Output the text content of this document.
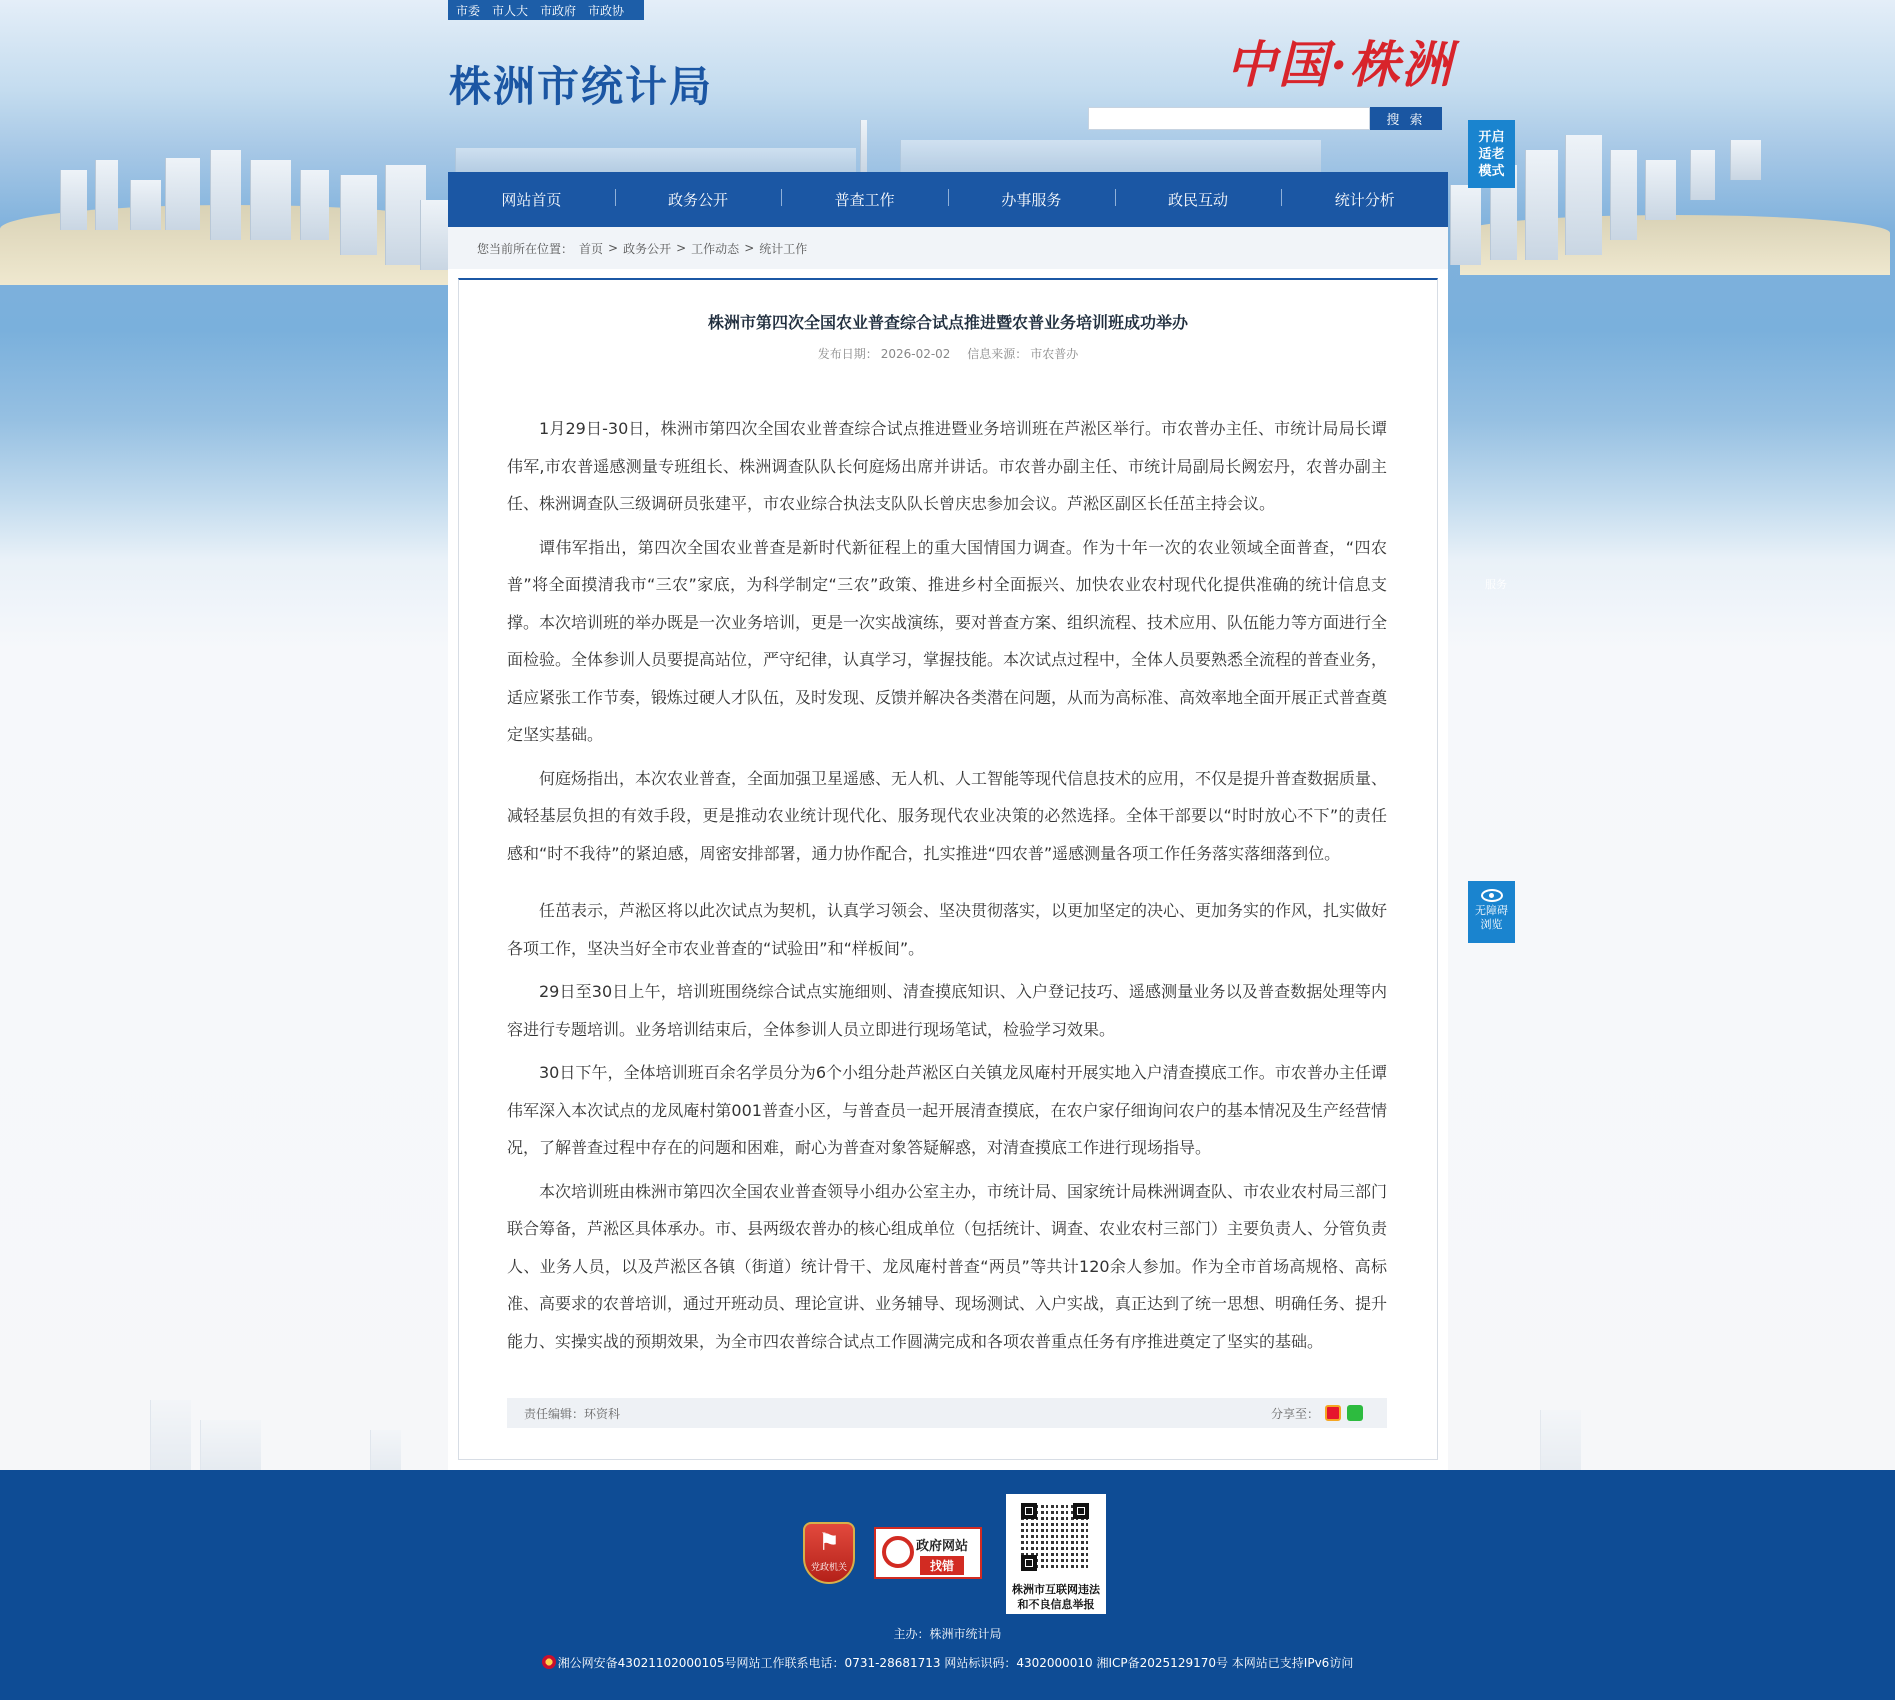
市委 市人大 市政府 市政协
株洲市统计局	中国·株洲
搜 索
开启
适老
模式
服务
无障碍
浏览
网站首页	政务公开	普查工作	办事服务	政民互动	统计分析
您当前所在位置： 首页 > 政务公开 > 工作动态 > 统计工作
株洲市第四次全国农业普查综合试点推进暨农普业务培训班成功举办
发布日期： 2026-02-02 信息来源： 市农普办

1月29日-30日，株洲市第四次全国农业普查综合试点推进暨业务培训班在芦淞区举行。市农普办主任、市统计局局长谭伟军,市农普遥感测量专班组长、株洲调查队队长何庭炀出席并讲话。市农普办副主任、市统计局副局长阙宏丹，农普办副主任、株洲调查队三级调研员张建平，市农业综合执法支队队长曾庆忠参加会议。芦淞区副区长任茁主持会议。

谭伟军指出，第四次全国农业普查是新时代新征程上的重大国情国力调查。作为十年一次的农业领域全面普查，“四农普”将全面摸清我市“三农”家底，为科学制定“三农”政策、推进乡村全面振兴、加快农业农村现代化提供准确的统计信息支撑。本次培训班的举办既是一次业务培训，更是一次实战演练，要对普查方案、组织流程、技术应用、队伍能力等方面进行全面检验。全体参训人员要提高站位，严守纪律，认真学习，掌握技能。本次试点过程中，全体人员要熟悉全流程的普查业务，适应紧张工作节奏，锻炼过硬人才队伍，及时发现、反馈并解决各类潜在问题，从而为高标准、高效率地全面开展正式普查奠定坚实基础。

何庭炀指出，本次农业普查，全面加强卫星遥感、无人机、人工智能等现代信息技术的应用，不仅是提升普查数据质量、减轻基层负担的有效手段，更是推动农业统计现代化、服务现代农业决策的必然选择。全体干部要以“时时放心不下”的责任感和“时不我待”的紧迫感，周密安排部署，通力协作配合，扎实推进“四农普”遥感测量各项工作任务落实落细落到位。

任茁表示，芦淞区将以此次试点为契机，认真学习领会、坚决贯彻落实，以更加坚定的决心、更加务实的作风，扎实做好各项工作，坚决当好全市农业普查的“试验田”和“样板间”。

29日至30日上午，培训班围绕综合试点实施细则、清查摸底知识、入户登记技巧、遥感测量业务以及普查数据处理等内容进行专题培训。业务培训结束后，全体参训人员立即进行现场笔试，检验学习效果。

30日下午，全体培训班百余名学员分为6个小组分赴芦淞区白关镇龙凤庵村开展实地入户清查摸底工作。市农普办主任谭伟军深入本次试点的龙凤庵村第001普查小区，与普查员一起开展清查摸底，在农户家仔细询问农户的基本情况及生产经营情况，了解普查过程中存在的问题和困难，耐心为普查对象答疑解惑，对清查摸底工作进行现场指导。

本次培训班由株洲市第四次全国农业普查领导小组办公室主办，市统计局、国家统计局株洲调查队、市农业农村局三部门联合筹备，芦淞区具体承办。市、县两级农普办的核心组成单位（包括统计、调查、农业农村三部门）主要负责人、分管负责人、业务人员，以及芦淞区各镇（街道）统计骨干、龙凤庵村普查“两员”等共计120余人参加。作为全市首场高规格、高标准、高要求的农普培训，通过开班动员、理论宣讲、业务辅导、现场测试、入户实战，真正达到了统一思想、明确任务、提升能力、实操实战的预期效果，为全市四农普综合试点工作圆满完成和各项农普重点任务有序推进奠定了坚实的基础。

责任编辑： 环资科	分享至：
⚑
党政机关
政府网站
找错
株洲市互联网违法
和不良信息举报
主办：株洲市统计局
湘公网安备43021102000105号网站工作联系电话：0731-28681713 网站标识码：4302000010 湘ICP备2025129170号 本网站已支持IPv6访问
